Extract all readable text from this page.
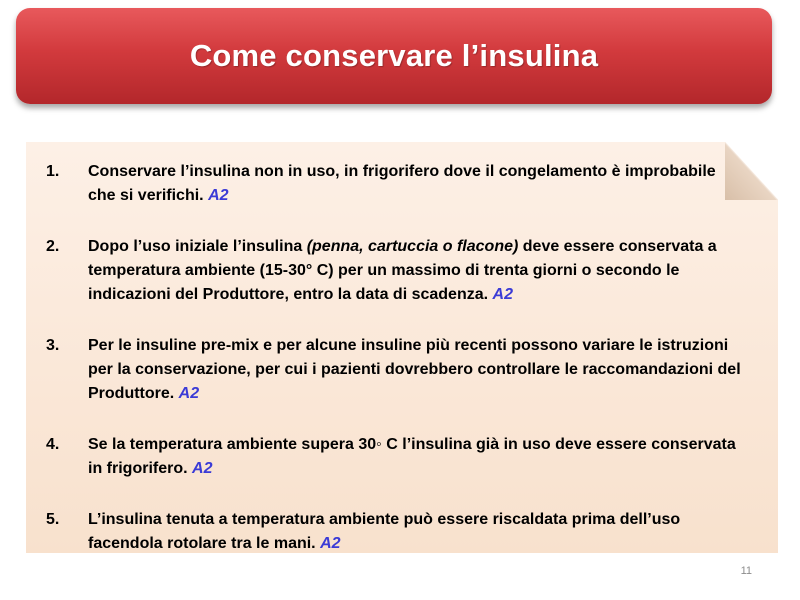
Come conservare l’insulina
1.	Conservare l’insulina non in uso, in frigorifero dove il congelamento è improbabile che si verifichi. A2
2.	Dopo l’uso iniziale l’insulina (penna, cartuccia o flacone) deve essere conservata a temperatura ambiente (15-30° C) per un massimo di trenta giorni o secondo le indicazioni del Produttore, entro la data di scadenza. A2
3.	Per le insuline pre-mix e per alcune insuline più recenti possono variare le istruzioni per la conservazione, per cui i pazienti dovrebbero controllare le raccomandazioni del Produttore. A2
4.	Se la temperatura ambiente supera 30◦ C l’insulina già in uso deve essere conservata in frigorifero. A2
5.	L’insulina tenuta a temperatura ambiente può essere riscaldata prima dell’uso facendola rotolare tra le mani. A2
11
